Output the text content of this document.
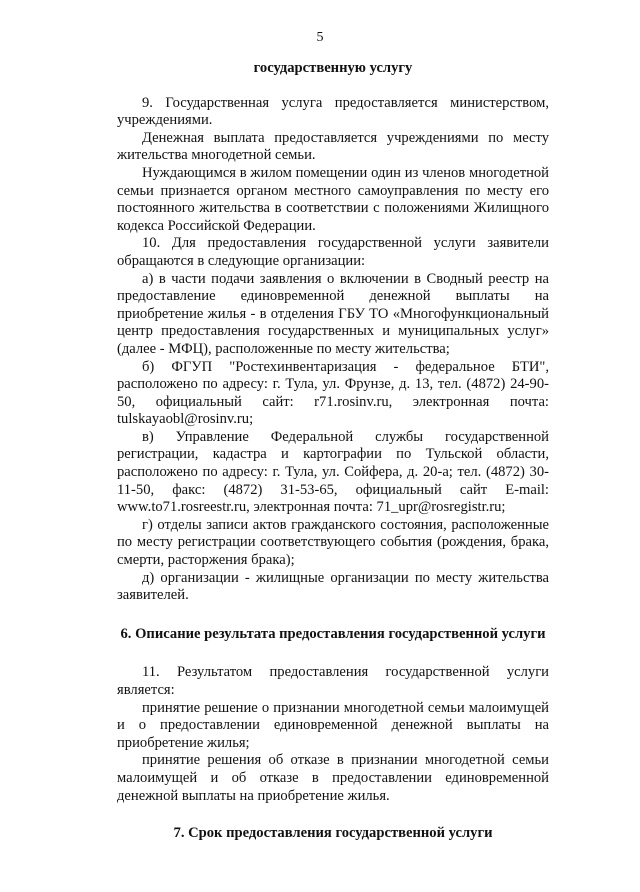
5

государственную услугу

9. Государственная услуга предоставляется министерством, учреждениями.

Денежная выплата предоставляется учреждениями по месту жительства многодетной семьи.

Нуждающимся в жилом помещении один из членов многодетной семьи признается органом местного самоуправления по месту его постоянного жительства в соответствии с положениями Жилищного кодекса Российской Федерации.

10. Для предоставления государственной услуги заявители обращаются в следующие организации:

а) в части подачи заявления о включении в Сводный реестр на предоставление единовременной денежной выплаты на приобретение жилья - в отделения ГБУ ТО «Многофункциональный центр предоставления государственных и муниципальных услуг» (далее - МФЦ), расположенные по месту жительства;

б) ФГУП "Ростехинвентаризация - федеральное БТИ", расположено по адресу: г. Тула, ул. Фрунзе, д. 13, тел. (4872) 24-90-50, официальный сайт: r71.rosinv.ru, электронная почта: tulskayaobl@rosinv.ru;

в) Управление Федеральной службы государственной регистрации, кадастра и картографии по Тульской области, расположено по адресу: г. Тула, ул. Сойфера, д. 20-а; тел. (4872) 30-11-50, факс: (4872) 31-53-65, официальный сайт E-mail: www.to71.rosreestr.ru, электронная почта: 71_upr@rosregistr.ru;

г) отделы записи актов гражданского состояния, расположенные по месту регистрации соответствующего события (рождения, брака, смерти, расторжения брака);

д) организации - жилищные организации по месту жительства заявителей.

6. Описание результата предоставления государственной услуги

11. Результатом предоставления государственной услуги является:

принятие решение о признании многодетной семьи малоимущей и о предоставлении единовременной денежной выплаты на приобретение жилья;

принятие решения об отказе в признании многодетной семьи малоимущей и об отказе в предоставлении единовременной денежной выплаты на приобретение жилья.

7. Срок предоставления государственной услуги
